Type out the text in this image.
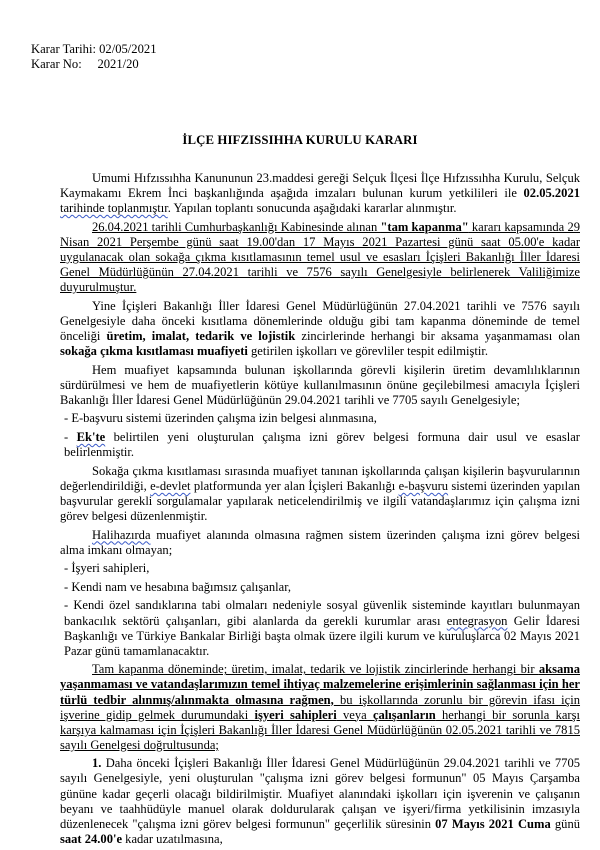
Karar Tarihi: 02/05/2021
Karar No:     2021/20
İLÇE HIFZISSIHHA KURULU KARARI

Umumi Hıfzıssıhha Kanununun 23.maddesi gereği Selçuk İlçesi İlçe Hıfzıssıhha Kurulu, Selçuk Kaymakamı Ekrem İnci başkanlığında aşağıda imzaları bulunan kurum yetkilileri ile 02.05.2021 tarihinde toplanmıştır. Yapılan toplantı sonucunda aşağıdaki kararlar alınmıştır.

26.04.2021 tarihli Cumhurbaşkanlığı Kabinesinde alınan "tam kapanma" kararı kapsamında 29 Nisan 2021 Perşembe günü saat 19.00'dan 17 Mayıs 2021 Pazartesi günü saat 05.00'e kadar uygulanacak olan sokağa çıkma kısıtlamasının temel usul ve esasları İçişleri Bakanlığı İller İdaresi Genel Müdürlüğünün 27.04.2021 tarihli ve 7576 sayılı Genelgesiyle belirlenerek Valiliğimize duyurulmuştur.

Yine İçişleri Bakanlığı İller İdaresi Genel Müdürlüğünün 27.04.2021 tarihli ve 7576 sayılı Genelgesiyle daha önceki kısıtlama dönemlerinde olduğu gibi tam kapanma döneminde de temel önceliği üretim, imalat, tedarik ve lojistik zincirlerinde herhangi bir aksama yaşanmaması olan sokağa çıkma kısıtlaması muafiyeti getirilen işkolları ve görevliler tespit edilmiştir.

Hem muafiyet kapsamında bulunan işkollarında görevli kişilerin üretim devamlılıklarının sürdürülmesi ve hem de muafiyetlerin kötüye kullanılmasının önüne geçilebilmesi amacıyla İçişleri Bakanlığı İller İdaresi Genel Müdürlüğünün 29.04.2021 tarihli ve 7705 sayılı Genelgesiyle;

- E-başvuru sistemi üzerinden çalışma izin belgesi alınmasına,

- Ek'te belirtilen yeni oluşturulan çalışma izni görev belgesi formuna dair usul ve esaslar belirlenmiştir.

Sokağa çıkma kısıtlaması sırasında muafiyet tanınan işkollarında çalışan kişilerin başvurularının değerlendirildiği, e-devlet platformunda yer alan İçişleri Bakanlığı e-başvuru sistemi üzerinden yapılan başvurular gerekli sorgulamalar yapılarak neticelendirilmiş ve ilgili vatandaşlarımız için çalışma izni görev belgesi düzenlenmiştir.

Halihazırda muafiyet alanında olmasına rağmen sistem üzerinden çalışma izni görev belgesi alma imkanı olmayan;

- İşyeri sahipleri,

- Kendi nam ve hesabına bağımsız çalışanlar,

- Kendi özel sandıklarına tabi olmaları nedeniyle sosyal güvenlik sisteminde kayıtları bulunmayan bankacılık sektörü çalışanları, gibi alanlarda da gerekli kurumlar arası entegrasyon Gelir İdaresi Başkanlığı ve Türkiye Bankalar Birliği başta olmak üzere ilgili kurum ve kuruluşlarca 02 Mayıs 2021 Pazar günü tamamlanacaktır.

Tam kapanma döneminde; üretim, imalat, tedarik ve lojistik zincirlerinde herhangi bir aksama yaşanmaması ve vatandaşlarımızın temel ihtiyaç malzemelerine erişimlerinin sağlanması için her türlü tedbir alınmış/alınmakta olmasına rağmen, bu işkollarında zorunlu bir görevin ifası için işverine gidip gelmek durumundaki işyeri sahipleri veya çalışanların herhangi bir sorunla karşı karşıya kalmaması için İçişleri Bakanlığı İller İdaresi Genel Müdürlüğünün 02.05.2021 tarihli ve 7815 sayılı Genelgesi doğrultusunda;

1. Daha önceki İçişleri Bakanlığı İller İdaresi Genel Müdürlüğünün 29.04.2021 tarihli ve 7705 sayılı Genelgesiyle, yeni oluşturulan "çalışma izni görev belgesi formunun" 05 Mayıs Çarşamba gününe kadar geçerli olacağı bildirilmiştir. Muafiyet alanındaki işkolları için işverenin ve çalışanın beyanı ve taahhüdüyle manuel olarak doldurularak çalışan ve işyeri/firma yetkilisinin imzasıyla düzenlenecek "çalışma izni görev belgesi formunun" geçerlilik süresinin 07 Mayıs 2021 Cuma günü saat 24.00'e kadar uzatılmasına,
